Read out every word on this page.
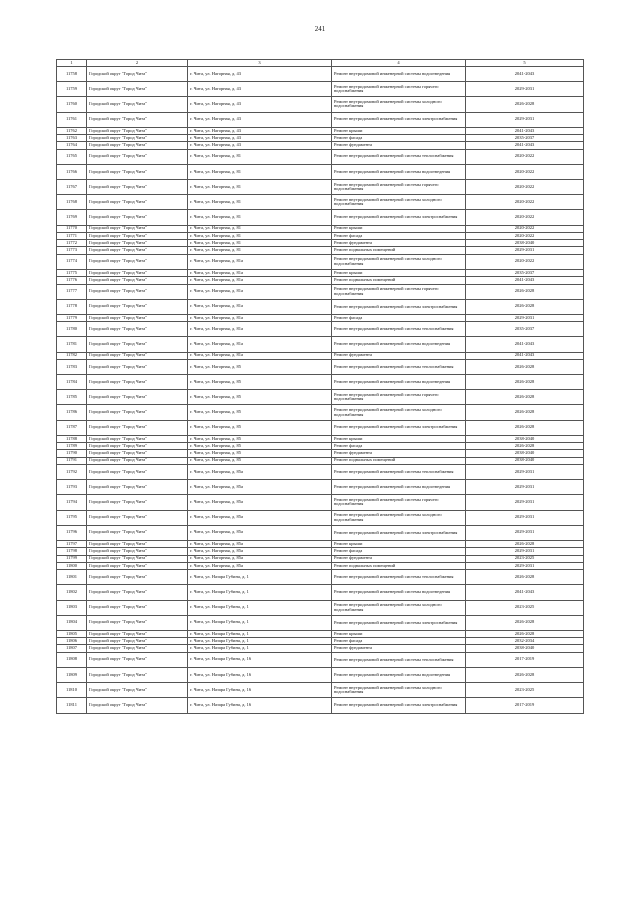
241
1	2	3	4	5
11758	Городской округ "Город Чита"	г. Чита, ул. Нагорная, д. 43	Ремонт внутридомовой инженерной системы водоотведения	2041-2043
11759	Городской округ "Город Чита"	г. Чита, ул. Нагорная, д. 43	Ремонт внутридомовой инженерной системы горячего водоснабжения	2029-2031
11760	Городской округ "Город Чита"	г. Чита, ул. Нагорная, д. 43	Ремонт внутридомовой инженерной системы холодного водоснабжения	2026-2028
11761	Городской округ "Город Чита"	г. Чита, ул. Нагорная, д. 43	Ремонт внутридомовой инженерной системы электроснабжения	2029-2031
11762	Городской округ "Город Чита"	г. Чита, ул. Нагорная, д. 43	Ремонт крыши	2041-2043
11763	Городской округ "Город Чита"	г. Чита, ул. Нагорная, д. 43	Ремонт фасада	2035-2037
11764	Городской округ "Город Чита"	г. Чита, ул. Нагорная, д. 43	Ремонт фундамента	2041-2043
11765	Городской округ "Город Чита"	г. Чита, ул. Нагорная, д. 81	Ремонт внутридомовой инженерной системы теплоснабжения	2020-2022
11766	Городской округ "Город Чита"	г. Чита, ул. Нагорная, д. 81	Ремонт внутридомовой инженерной системы водоотведения	2020-2022
11767	Городской округ "Город Чита"	г. Чита, ул. Нагорная, д. 81	Ремонт внутридомовой инженерной системы горячего водоснабжения	2020-2022
11768	Городской округ "Город Чита"	г. Чита, ул. Нагорная, д. 81	Ремонт внутридомовой инженерной системы холодного водоснабжения	2020-2022
11769	Городской округ "Город Чита"	г. Чита, ул. Нагорная, д. 81	Ремонт внутридомовой инженерной системы электроснабжения	2020-2022
11770	Городской округ "Город Чита"	г. Чита, ул. Нагорная, д. 81	Ремонт крыши	2020-2022
11771	Городской округ "Город Чита"	г. Чита, ул. Нагорная, д. 81	Ремонт фасада	2020-2022
11772	Городской округ "Город Чита"	г. Чита, ул. Нагорная, д. 81	Ремонт фундамента	2038-2040
11773	Городской округ "Город Чита"	г. Чита, ул. Нагорная, д. 81	Ремонт подвальных помещений	2029-2031
11774	Городской округ "Город Чита"	г. Чита, ул. Нагорная, д. 81а	Ремонт внутридомовой инженерной системы холодного водоснабжения	2020-2022
11775	Городской округ "Город Чита"	г. Чита, ул. Нагорная, д. 81а	Ремонт крыши	2035-2037
11776	Городской округ "Город Чита"	г. Чита, ул. Нагорная, д. 81а	Ремонт подвальных помещений	2041-2043
11777	Городской округ "Город Чита"	г. Чита, ул. Нагорная, д. 81а	Ремонт внутридомовой инженерной системы горячего водоснабжения	2026-2028
11778	Городской округ "Город Чита"	г. Чита, ул. Нагорная, д. 81а	Ремонт внутридомовой инженерной системы электроснабжения	2026-2028
11779	Городской округ "Город Чита"	г. Чита, ул. Нагорная, д. 81а	Ремонт фасада	2029-2031
11780	Городской округ "Город Чита"	г. Чита, ул. Нагорная, д. 81а	Ремонт внутридомовой инженерной системы теплоснабжения	2035-2037
11781	Городской округ "Город Чита"	г. Чита, ул. Нагорная, д. 81а	Ремонт внутридомовой инженерной системы водоотведения	2041-2043
11782	Городской округ "Город Чита"	г. Чита, ул. Нагорная, д. 81а	Ремонт фундамента	2041-2043
11783	Городской округ "Город Чита"	г. Чита, ул. Нагорная, д. 85	Ремонт внутридомовой инженерной системы теплоснабжения	2026-2028
11784	Городской округ "Город Чита"	г. Чита, ул. Нагорная, д. 85	Ремонт внутридомовой инженерной системы водоотведения	2026-2028
11785	Городской округ "Город Чита"	г. Чита, ул. Нагорная, д. 85	Ремонт внутридомовой инженерной системы горячего водоснабжения	2026-2028
11786	Городской округ "Город Чита"	г. Чита, ул. Нагорная, д. 85	Ремонт внутридомовой инженерной системы холодного водоснабжения	2026-2028
11787	Городской округ "Город Чита"	г. Чита, ул. Нагорная, д. 85	Ремонт внутридомовой инженерной системы электроснабжения	2026-2028
11788	Городской округ "Город Чита"	г. Чита, ул. Нагорная, д. 85	Ремонт крыши	2038-2040
11789	Городской округ "Город Чита"	г. Чита, ул. Нагорная, д. 85	Ремонт фасада	2026-2028
11790	Городской округ "Город Чита"	г. Чита, ул. Нагорная, д. 85	Ремонт фундамента	2038-2040
11791	Городской округ "Город Чита"	г. Чита, ул. Нагорная, д. 85	Ремонт подвальных помещений	2038-2040
11792	Городской округ "Город Чита"	г. Чита, ул. Нагорная, д. 85а	Ремонт внутридомовой инженерной системы теплоснабжения	2029-2031
11793	Городской округ "Город Чита"	г. Чита, ул. Нагорная, д. 85а	Ремонт внутридомовой инженерной системы водоотведения	2029-2031
11794	Городской округ "Город Чита"	г. Чита, ул. Нагорная, д. 85а	Ремонт внутридомовой инженерной системы горячего водоснабжения	2029-2031
11795	Городской округ "Город Чита"	г. Чита, ул. Нагорная, д. 85а	Ремонт внутридомовой инженерной системы холодного водоснабжения	2029-2031
11796	Городской округ "Город Чита"	г. Чита, ул. Нагорная, д. 85а	Ремонт внутридомовой инженерной системы электроснабжения	2029-2031
11797	Городской округ "Город Чита"	г. Чита, ул. Нагорная, д. 85а	Ремонт крыши	2026-2028
11798	Городской округ "Город Чита"	г. Чита, ул. Нагорная, д. 85а	Ремонт фасада	2029-2031
11799	Городской округ "Город Чита"	г. Чита, ул. Нагорная, д. 85а	Ремонт фундамента	2023-2025
11800	Городской округ "Город Чита"	г. Чита, ул. Нагорная, д. 85а	Ремонт подвальных помещений	2029-2031
11801	Городской округ "Город Чита"	г. Чита, ул. Назара Губина, д. 1	Ремонт внутридомовой инженерной системы теплоснабжения	2026-2028
11802	Городской округ "Город Чита"	г. Чита, ул. Назара Губина, д. 1	Ремонт внутридомовой инженерной системы водоотведения	2041-2043
11803	Городской округ "Город Чита"	г. Чита, ул. Назара Губина, д. 1	Ремонт внутридомовой инженерной системы холодного водоснабжения	2023-2025
11804	Городской округ "Город Чита"	г. Чита, ул. Назара Губина, д. 1	Ремонт внутридомовой инженерной системы электроснабжения	2026-2028
11805	Городской округ "Город Чита"	г. Чита, ул. Назара Губина, д. 1	Ремонт крыши	2026-2028
11806	Городской округ "Город Чита"	г. Чита, ул. Назара Губина, д. 1	Ремонт фасада	2032-2034
11807	Городской округ "Город Чита"	г. Чита, ул. Назара Губина, д. 1	Ремонт фундамента	2038-2040
11808	Городской округ "Город Чита"	г. Чита, ул. Назара Губина, д. 16	Ремонт внутридомовой инженерной системы теплоснабжения	2017-2019
11809	Городской округ "Город Чита"	г. Чита, ул. Назара Губина, д. 16	Ремонт внутридомовой инженерной системы водоотведения	2026-2028
11810	Городской округ "Город Чита"	г. Чита, ул. Назара Губина, д. 16	Ремонт внутридомовой инженерной системы холодного водоснабжения	2023-2025
11811	Городской округ "Город Чита"	г. Чита, ул. Назара Губина, д. 16	Ремонт внутридомовой инженерной системы электроснабжения	2017-2019
